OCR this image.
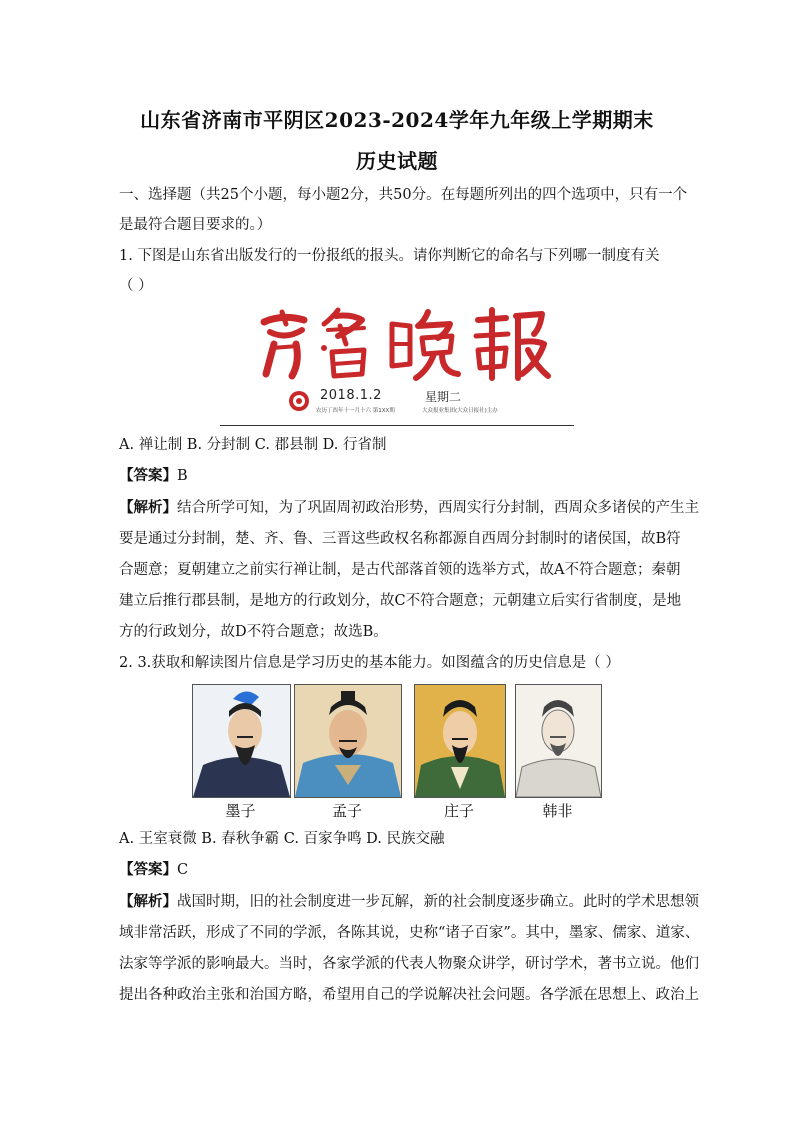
山东省济南市平阴区2023-2024学年九年级上学期期末
历史试题
一、选择题（共25个小题，每小题2分，共50分。在每题所列出的四个选项中，只有一个
是最符合题目要求的。）
1. 下图是山东省出版发行的一份报纸的报头。请你判断它的命名与下列哪一制度有关
（ ）
2018.1.2	星期二
农历丁酉年十一月十六 第1XX期	大众报业集团(大众日报社)主办
A. 禅让制 B. 分封制 C. 郡县制 D. 行省制
【答案】B
【解析】结合所学可知，为了巩固周初政治形势，西周实行分封制，西周众多诸侯的产生主
要是通过分封制，楚、齐、鲁、三晋这些政权名称都源自西周分封制时的诸侯国，故B符
合题意；夏朝建立之前实行禅让制，是古代部落首领的选举方式，故A不符合题意；秦朝
建立后推行郡县制，是地方的行政划分，故C不符合题意；元朝建立后实行省制度，是地
方的行政划分，故D不符合题意；故选B。
2. 3.获取和解读图片信息是学习历史的基本能力。如图蕴含的历史信息是（ ）
墨子	孟子	庄子	韩非
A. 王室衰微 B. 春秋争霸 C. 百家争鸣 D. 民族交融
【答案】C
【解析】战国时期，旧的社会制度进一步瓦解，新的社会制度逐步确立。此时的学术思想领
域非常活跃，形成了不同的学派，各陈其说，史称“诸子百家”。其中，墨家、儒家、道家、
法家等学派的影响最大。当时，各家学派的代表人物聚众讲学，研讨学术，著书立说。他们
提出各种政治主张和治国方略，希望用自己的学说解决社会问题。各学派在思想上、政治上
